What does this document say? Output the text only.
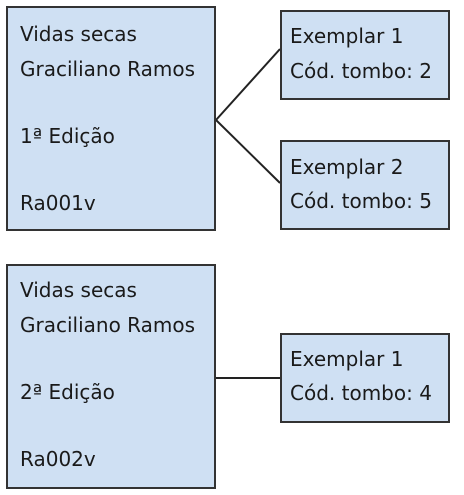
Vidas secas
Graciliano Ramos
1ª Edição
Ra001v
Exemplar 1
Cód. tombo: 2
Exemplar 2
Cód. tombo: 5
Vidas secas
Graciliano Ramos
2ª Edição
Ra002v
Exemplar 1
Cód. tombo: 4
